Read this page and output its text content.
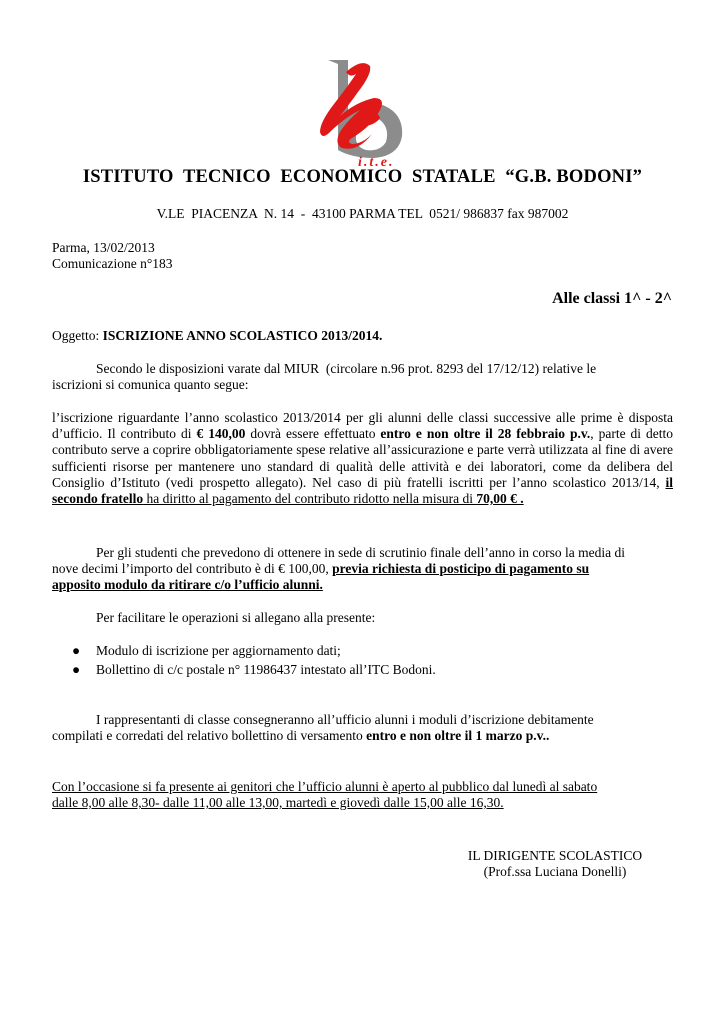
i.t.e.
ISTITUTO  TECNICO  ECONOMICO  STATALE  “G.B. BODONI”
V.LE  PIACENZA  N. 14  -  43100 PARMA TEL  0521/ 986837 fax 987002
Parma, 13/02/2013
Comunicazione n°183
Alle classi 1^ - 2^
Oggetto: ISCRIZIONE ANNO SCOLASTICO 2013/2014.
Secondo le disposizioni varate dal MIUR  (circolare n.96 prot. 8293 del 17/12/12) relative le
iscrizioni si comunica quanto segue:
l’iscrizione riguardante l’anno scolastico 2013/2014 per gli alunni delle classi successive alle prime è disposta d’ufficio. Il contributo di € 140,00 dovrà essere effettuato entro e non oltre il 28 febbraio p.v., parte di detto contributo serve a coprire obbligatoriamente spese relative all’assicurazione e parte verrà utilizzata al fine di avere sufficienti risorse per mantenere uno standard di qualità delle attività e dei laboratori, come da delibera del Consiglio d’Istituto (vedi prospetto allegato). Nel caso di più fratelli iscritti per l’anno scolastico 2013/14, il secondo fratello ha diritto al pagamento del contributo ridotto nella misura di 70,00 € .
Per gli studenti che prevedono di ottenere in sede di scrutinio finale dell’anno in corso la media di
nove decimi l’importo del contributo è di € 100,00, previa richiesta di posticipo di pagamento su
apposito modulo da ritirare c/o l’ufficio alunni.
Per facilitare le operazioni si allegano alla presente:
● Modulo di iscrizione per aggiornamento dati;
● Bollettino di c/c postale n° 11986437 intestato all’ITC Bodoni.
I rappresentanti di classe consegneranno all’ufficio alunni i moduli d’iscrizione debitamente
compilati e corredati del relativo bollettino di versamento entro e non oltre il 1 marzo p.v..
Con l’occasione si fa presente ai genitori che l’ufficio alunni è aperto al pubblico dal lunedì al sabato
dalle 8,00 alle 8,30- dalle 11,00 alle 13,00, martedì e giovedì dalle 15,00 alle 16,30.
IL DIRIGENTE SCOLASTICO
(Prof.ssa Luciana Donelli)
